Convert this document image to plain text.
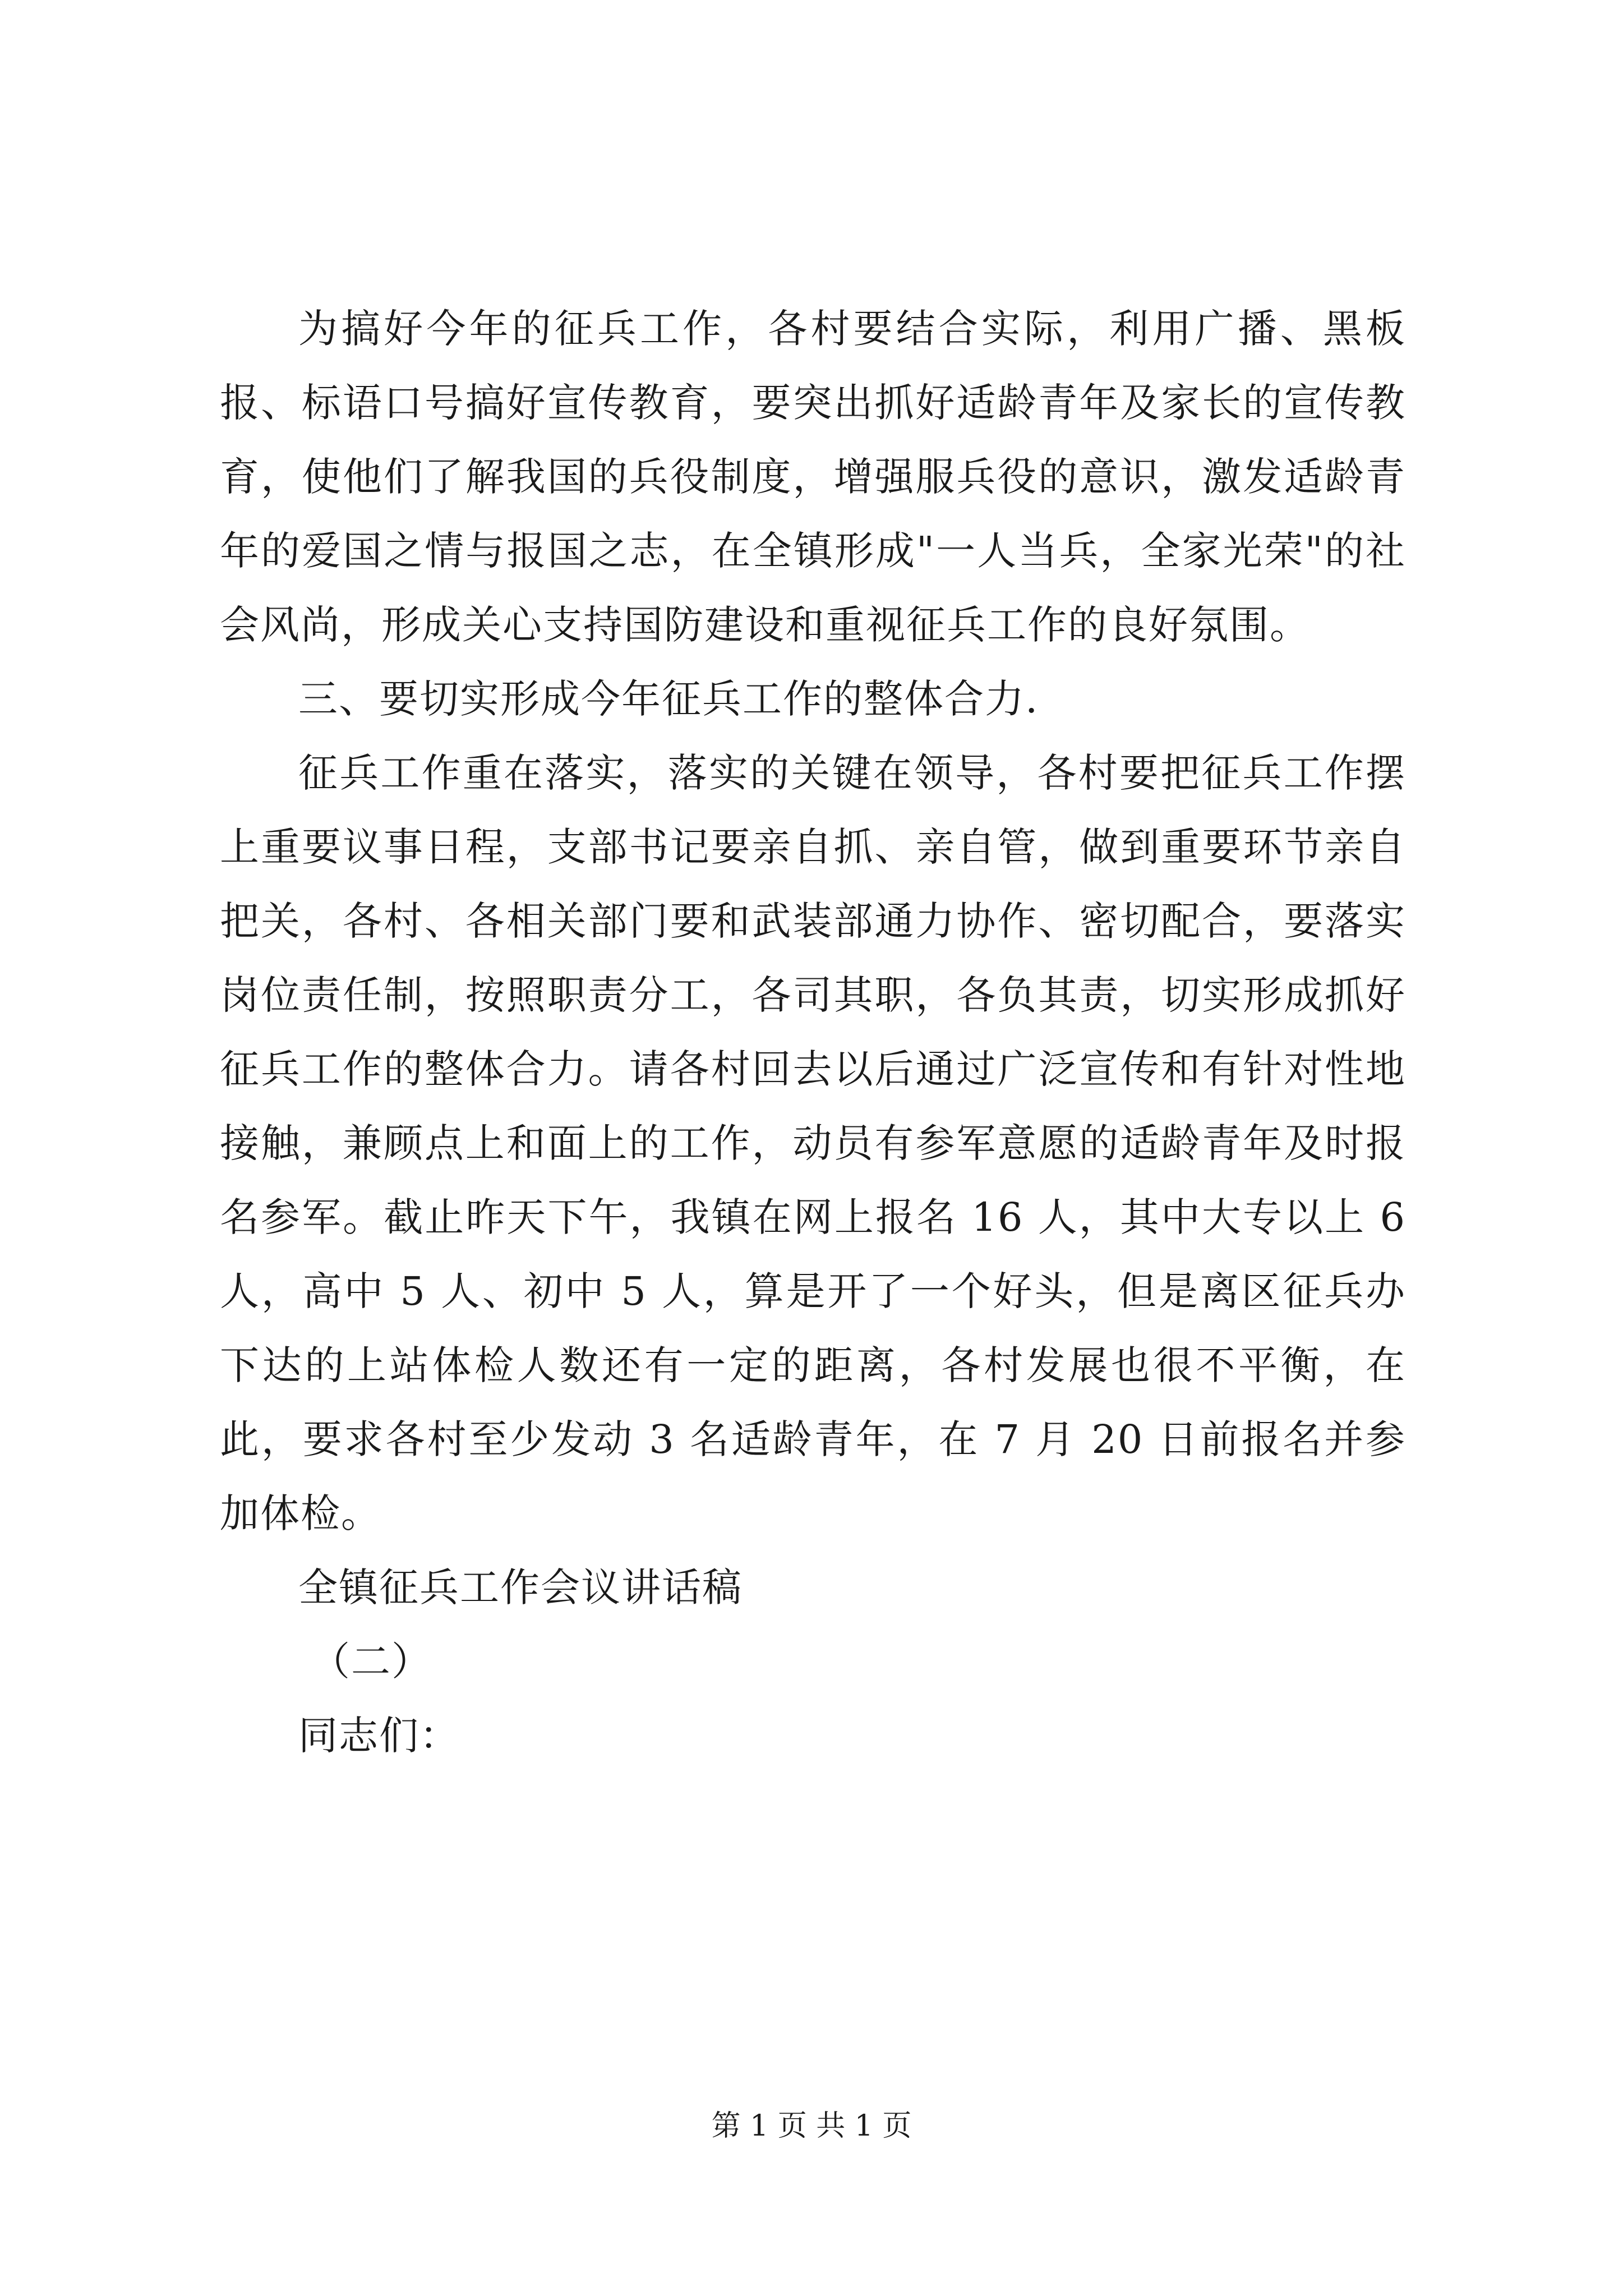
为搞好今年的征兵工作，各村要结合实际，利用广播、黑板报、标语口号搞好宣传教育，要突出抓好适龄青年及家长的宣传教育，使他们了解我国的兵役制度，增强服兵役的意识，激发适龄青年的爱国之情与报国之志，在全镇形成"一人当兵，全家光荣"的社会风尚，形成关心支持国防建设和重视征兵工作的良好氛围。

三、要切实形成今年征兵工作的整体合力.

征兵工作重在落实，落实的关键在领导，各村要把征兵工作摆上重要议事日程，支部书记要亲自抓、亲自管，做到重要环节亲自把关，各村、各相关部门要和武装部通力协作、密切配合，要落实岗位责任制，按照职责分工，各司其职，各负其责，切实形成抓好征兵工作的整体合力。请各村回去以后通过广泛宣传和有针对性地接触，兼顾点上和面上的工作，动员有参军意愿的适龄青年及时报名参军。截止昨天下午，我镇在网上报名 16 人，其中大专以上 6 人，高中 5 人、初中 5 人，算是开了一个好头，但是离区征兵办下达的上站体检人数还有一定的距离，各村发展也很不平衡，在此，要求各村至少发动 3 名适龄青年，在 7 月 20 日前报名并参加体检。

全镇征兵工作会议讲话稿

（二）

同志们：

第 1 页 共 1 页
